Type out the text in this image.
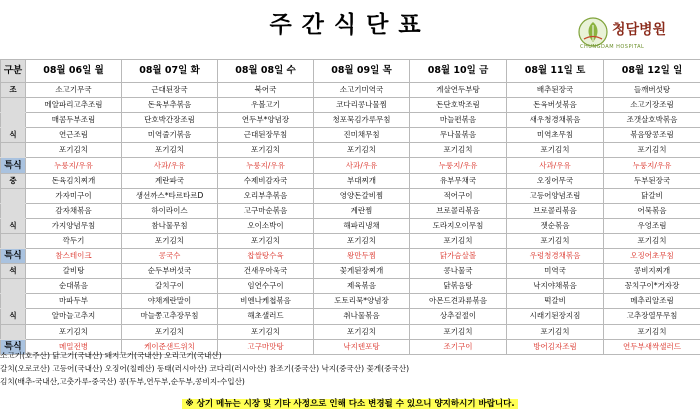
주간식단표	청담병원
CHUNGDAM HOSPITAL
구분	08월 06일 월	08월 07일 화	08월 08일 수	08월 09일 목	08월 10일 금	08월 11일 토	08월 12일 일
조	소고기무국	근대된장국	북어국	소고기미역국	게살연두부탕	배추된장국	들깨버섯탕
	메알파리고추조림	돈육부추볶음	우볼고기	코다리콩나물찜	돈단호박조림	돈육버섯볶음	소고기장조림
	매콤두부조림	단호박간장조림	연두부*양념장	청포묵김가루무침	마늘편볶음	새우청경채볶음	조갯살호박볶음
식	연근조림	미역줄기볶음	근대된장무침	진미채무침	무나물볶음	미역초무침	볶음땅콩조림
	포기김치	포기김치	포기김치	포기김치	포기김치	포기김치	포기김치
특식	누룽지/우유	사과/우유	누룽지/우유	사과/우유	누룽지/우유	사과/우유	누룽지/우유
중	돈육김치찌개	계란파국	수제비감자국	부대찌개	유부무채국	오징어무국	두부된장국
	가자미구이	생선까스*타르타르D	오리부추볶음	영양돈갈비찜	적어구이	고등어양념조림	닭갈비
	감자채볶음	하이라이스	고구마순볶음	계란찜	브로콜리볶음	브로콜리볶음	어묵볶음
식	가지양념무침	참나물무침	오이소박이	해파리냉채	도라지오이무침	젯순볶음	우엉조림
	깍두기	포기김치	포기김치	포기김치	포기김치	포기김치	포기김치
특식	참스테이크	콩국수	찹쌀탕수육	왕만두찜	닭가슴살볼	우렁청경채볶음	오징어초무침
석	갈비탕	순두부버섯국	건새우아욱국	꽃게된장찌개	콩나물국	미역국	콩비지찌개
	순대볶음	갈치구이	임연수구이	제육볶음	닭볶음탕	낙지야채볶음	꽁치구이*거자장
	마파두부	야채계란말이	비엔나케첩볶음	도토리묵*양념장	아몬드견과류볶음	떡갈비	메추리알조림
식	알마늘고추지	마늘쫑고추장무침	해초샐러드	취나물볶음	상추겉절이	시래기된장지짐	고추장열무무침
	포기김치	포기김치	포기김치	포기김치	포기김치	포기김치	포기김치
특식	메밀전병	케이준샌드위치	고구마맛탕	낙지덴포탕	조기구이	방어김자조림	연두부새싹샐러드
소고기(호주산) 닭고기(국내산) 돼지고기(국내산) 오리고기(국내산)
갈치(오로코산) 고등어(국내산) 오징어(칠레산) 동태(러시아산) 코다리(러시아산) 참조기(중국산) 낙지(중국산) 꽃게(중국산)
김치(배추-국내산,고춧가루-중국산) 콩(두부,연두부,순두부,콩비지-수입산)
※ 상기 메뉴는 시장 및 기타 사정으로 인해 다소 변경될 수 있으니 양지하시기 바랍니다.
